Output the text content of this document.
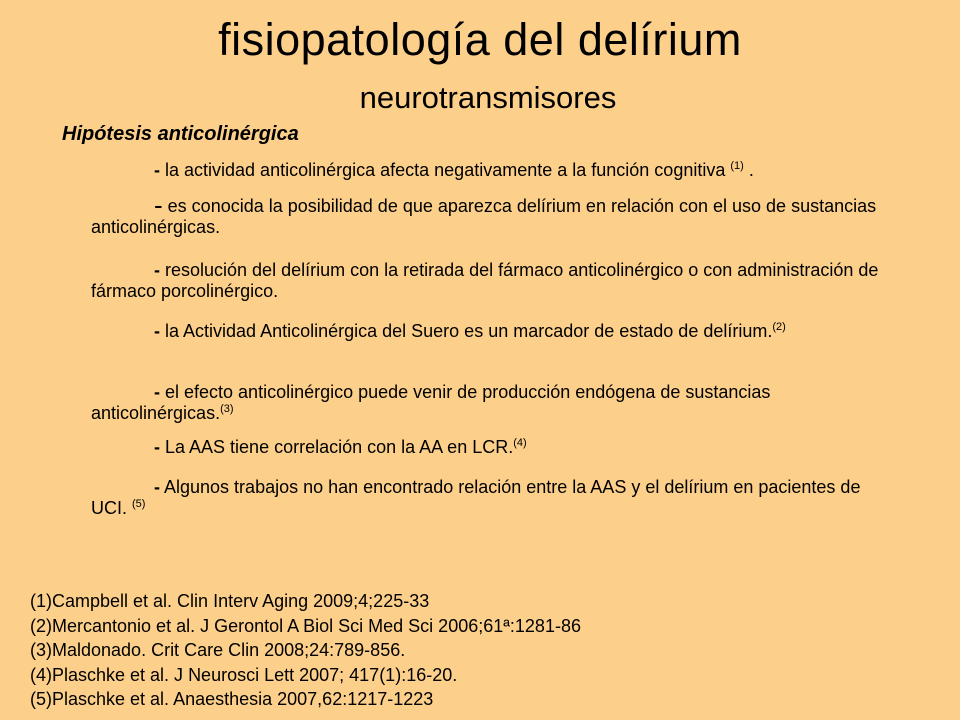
fisiopatología del delírium
neurotransmisores
Hipótesis anticolinérgica
- la actividad anticolinérgica afecta negativamente a la función cognitiva $^{(1)}$ .
- es conocida la posibilidad de que aparezca delírium en relación con el uso de sustancias anticolinérgicas.
- resolución del delírium con la retirada del fármaco anticolinérgico o con administración de fármaco porcolinérgico.
- la Actividad Anticolinérgica del Suero es un marcador de estado de delírium.$^{(2)}$
- el efecto anticolinérgico puede venir de producción endógena de sustancias anticolinérgicas.$^{(3)}$
- La AAS tiene correlación con la AA en LCR.$^{(4)}$
- Algunos trabajos no han encontrado relación entre la AAS y el delírium en pacientes de UCI. $^{(5)}$
(1)Campbell et al. Clin Interv Aging 2009;4;225-33
(2)Mercantonio et al. J Gerontol A Biol Sci Med Sci 2006;61ª:1281-86
(3)Maldonado. Crit Care Clin 2008;24:789-856.
(4)Plaschke et al. J Neurosci Lett 2007; 417(1):16-20.
(5)Plaschke et al. Anaesthesia 2007,62:1217-1223
